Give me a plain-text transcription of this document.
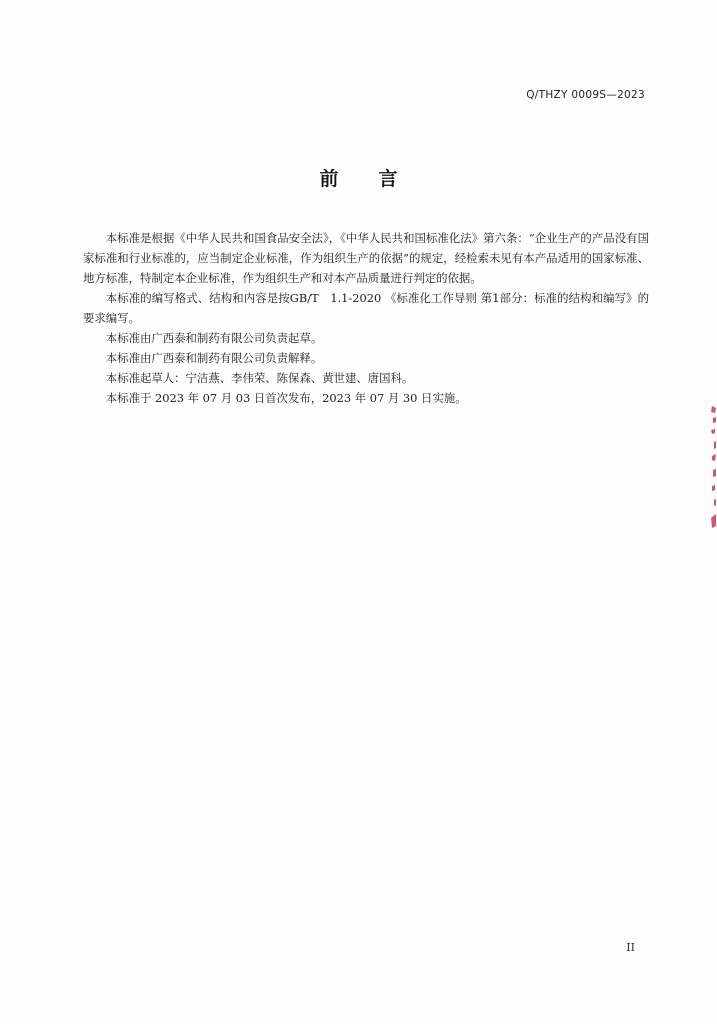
Q/THZY 0009S—2023
前 言

本标准是根据《中华人民共和国食品安全法》，《中华人民共和国标准化法》第六条：“企业生产的产品没有国家标准和行业标准的，应当制定企业标准，作为组织生产的依据”的规定，经检索未见有本产品适用的国家标准、地方标准，特制定本企业标准，作为组织生产和对本产品质量进行判定的依据。

本标准的编写格式、结构和内容是按GB/T　1.1-2020 《标准化工作导则 第1部分：标准的结构和编写》的要求编写。

本标准由广西泰和制药有限公司负责起草。

本标准由广西泰和制药有限公司负责解释。

本标准起草人：宁洁燕、李伟荣、陈保森、黄世建、唐国科。

本标准于 2023 年 07 月 03 日首次发布，2023 年 07 月 30 日实施。

II
